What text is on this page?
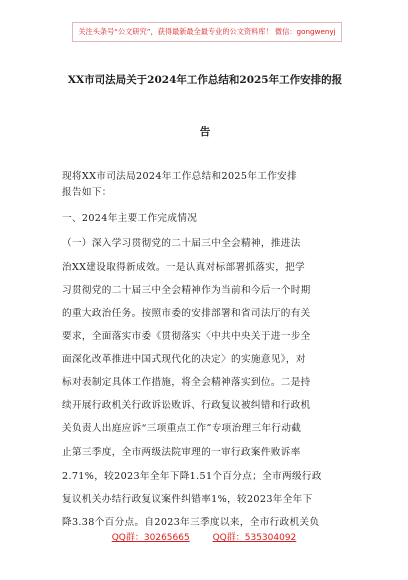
关注头条号“公文研究”，获得最新最全最专业的公文资料库！ 微信：gongwenyj
XX市司法局关于2024年工作总结和2025年工作安排的报
告
现将XX市司法局2024年工作总结和2025年工作安排
报告如下：
一、2024年主要工作完成情况
（一）深入学习贯彻党的二十届三中全会精神，推进法
治XX建设取得新成效。一是认真对标部署抓落实，把学
习贯彻党的二十届三中全会精神作为当前和今后一个时期
的重大政治任务。按照市委的安排部署和省司法厅的有关
要求，全面落实市委《贯彻落实〈中共中央关于进一步全
面深化改革推进中国式现代化的决定〉的实施意见》，对
标对表制定具体工作措施，将全会精神落实到位。二是持
续开展行政机关行政诉讼败诉、行政复议被纠错和行政机
关负责人出庭应诉“三项重点工作”专项治理三年行动截
止第三季度，全市两级法院审理的一审行政案件败诉率
2.71%，较2023年全年下降1.51个百分点；全市两级行政
复议机关办结行政复议案件纠错率1%，较2023年全年下
降3.38个百分点。自2023年三季度以来，全市行政机关负
QQ群：30265665	QQ群：535304092
